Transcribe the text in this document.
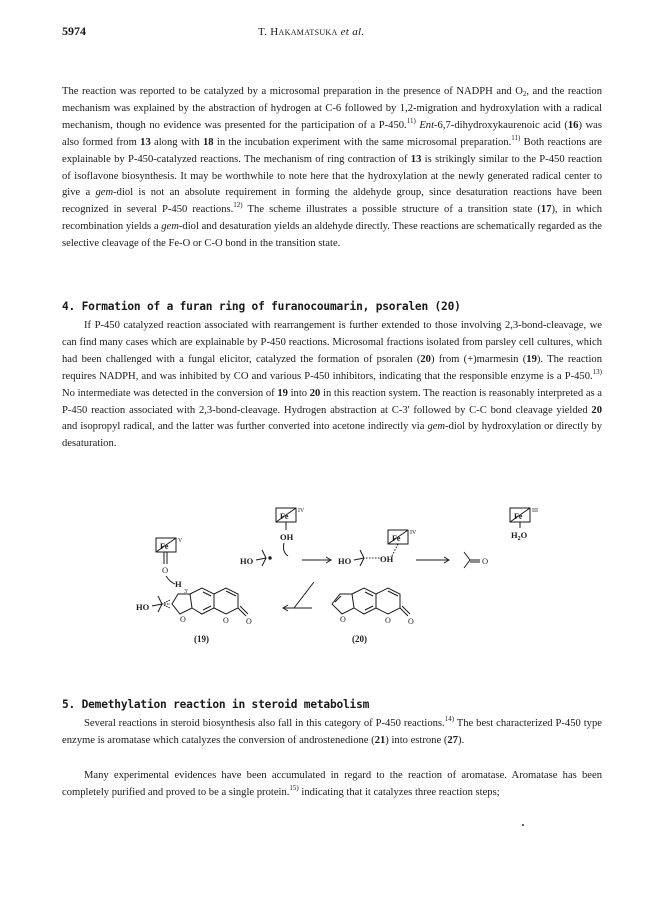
5974	T. Hakamatsuka et al.
The reaction was reported to be catalyzed by a microsomal preparation in the presence of NADPH and $O_2$, and the reaction mechanism was explained by the abstraction of hydrogen at C-6 followed by 1,2-migration and hydroxylation with a radical mechanism, though no evidence was presented for the participation of a P-450.$^{11)}$ Ent-6,7-dihydroxykaurenoic acid (16) was also formed from 13 along with 18 in the incubation experiment with the same microsomal preparation.$^{11)}$ Both reactions are explainable by P-450-catalyzed reactions. The mechanism of ring contraction of 13 is strikingly similar to the P-450 reaction of isoflavone biosynthesis. It may be worthwhile to note here that the hydroxylation at the newly generated radical center to give a gem-diol is not an absolute requirement in forming the aldehyde group, since desaturation reactions have been recognized in several P-450 reactions.$^{12)}$ The scheme illustrates a possible structure of a transition state (17), in which recombination yields a gem-diol and desaturation yields an aldehyde directly. These reactions are schematically regarded as the selective cleavage of the Fe-O or C-O bond in the transition state.
4. Formation of a furan ring of furanocoumarin, psoralen (20)
If P-450 catalyzed reaction associated with rearrangement is further extended to those involving 2,3-bond-cleavage, we can find many cases which are explainable by P-450 reactions. Microsomal fractions isolated from parsley cell cultures, which had been challenged with a fungal elicitor, catalyzed the formation of psoralen (20) from (+)marmesin (19). The reaction requires NADPH, and was inhibited by CO and various P-450 inhibitors, indicating that the responsible enzyme is a P-450.$^{13)}$ No intermediate was detected in the conversion of 19 into 20 in this reaction system. The reaction is reasonably interpreted as a P-450 reaction associated with 2,3-bond-cleavage. Hydrogen abstraction at C-3' followed by C-C bond cleavage yielded 20 and isopropyl radical, and the latter was further converted into acetone indirectly via gem-diol by hydroxylation or directly by desaturation.
Fe
V
O
H
3'
HO
O	O O
(19)
Fe
IV
OH
HO
Fe
IV
HO	OH
Fe
III
$H_2O$
O
O	O O
(20)
5. Demethylation reaction in steroid metabolism
Several reactions in steroid biosynthesis also fall in this category of P-450 reactions.$^{14)}$ The best characterized P-450 type enzyme is aromatase which catalyzes the conversion of androstenedione (21) into estrone (27).
Many experimental evidences have been accumulated in regard to the reaction of aromatase. Aromatase has been completely purified and proved to be a single protein.$^{15)}$ indicating that it catalyzes three reaction steps;
